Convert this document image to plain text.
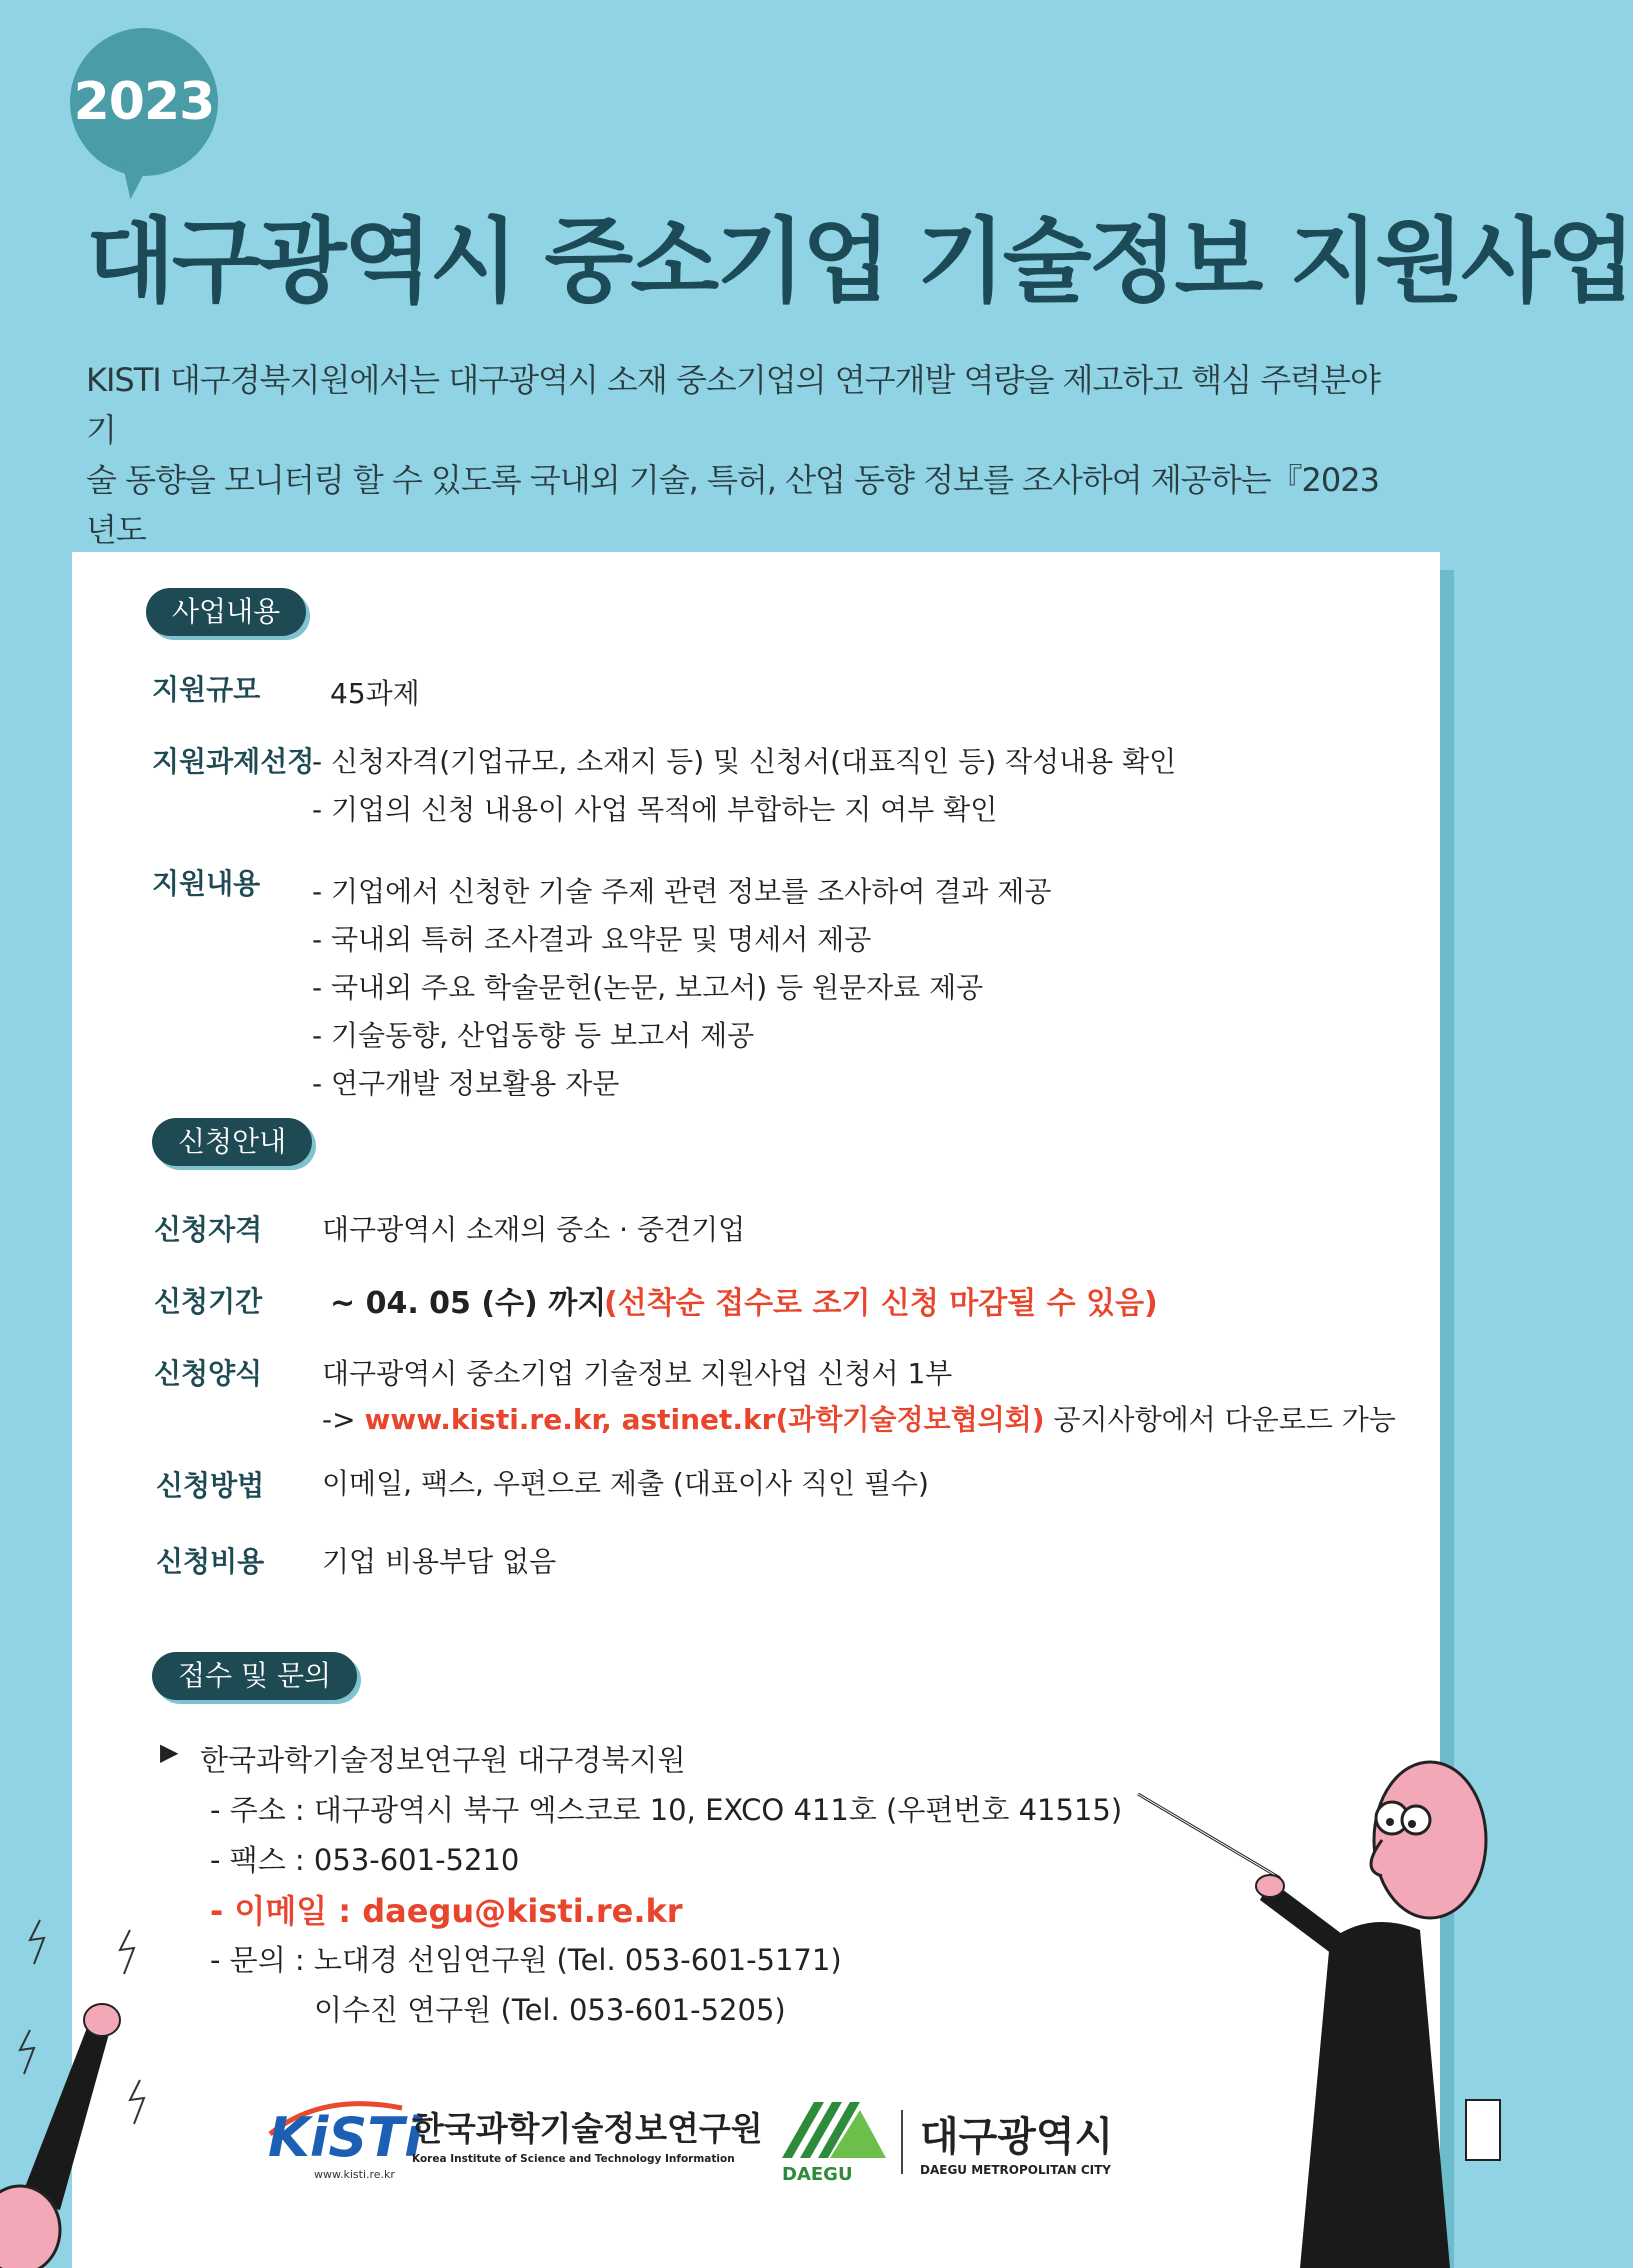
2023
대구광역시 중소기업 기술정보 지원사업
KISTI 대구경북지원에서는 대구광역시 소재 중소기업의 연구개발 역량을 제고하고 핵심 주력분야 기
술 동향을 모니터링 할 수 있도록 국내외 기술, 특허, 산업 동향 정보를 조사하여 제공하는『2023년도
사업내용
지원규모 45과제
지원과제선정
- 신청자격(기업규모, 소재지 등) 및 신청서(대표직인 등) 작성내용 확인
- 기업의 신청 내용이 사업 목적에 부합하는 지 여부 확인
지원내용 - 기업에서 신청한 기술 주제 관련 정보를 조사하여 결과 제공
- 국내외 특허 조사결과 요약문 및 명세서 제공
- 국내외 주요 학술문헌(논문, 보고서) 등 원문자료 제공
- 기술동향, 산업동향 등 보고서 제공
- 연구개발 정보활용 자문
신청안내
신청자격 대구광역시 소재의 중소 · 중견기업
신청기간 ~ 04. 05 (수) 까지
(선착순 접수로 조기 신청 마감될 수 있음)
신청양식 대구광역시 중소기업 기술정보 지원사업 신청서 1부
-> www.kisti.re.kr, astinet.kr(과학기술정보협의회) 공지사항에서 다운로드 가능
신청방법 이메일, 팩스, 우편으로 제출 (대표이사 직인 필수)
신청비용 기업 비용부담 없음
접수 및 문의
▶ 한국과학기술정보연구원 대구경북지원
- 주소 : 대구광역시 북구 엑스코로 10, EXCO 411호 (우편번호 41515)
- 팩스 : 053-601-5210
- 이메일 : daegu@kisti.re.kr
- 문의 : 노대경 선임연구원 (Tel. 053-601-5171)
이수진 연구원 (Tel. 053-601-5205)
KiSTi
www.kisti.re.kr
한국과학기술정보연구원
Korea Institute of Science and Technology Information
DAEGU
대구광역시
DAEGU METROPOLITAN CITY
